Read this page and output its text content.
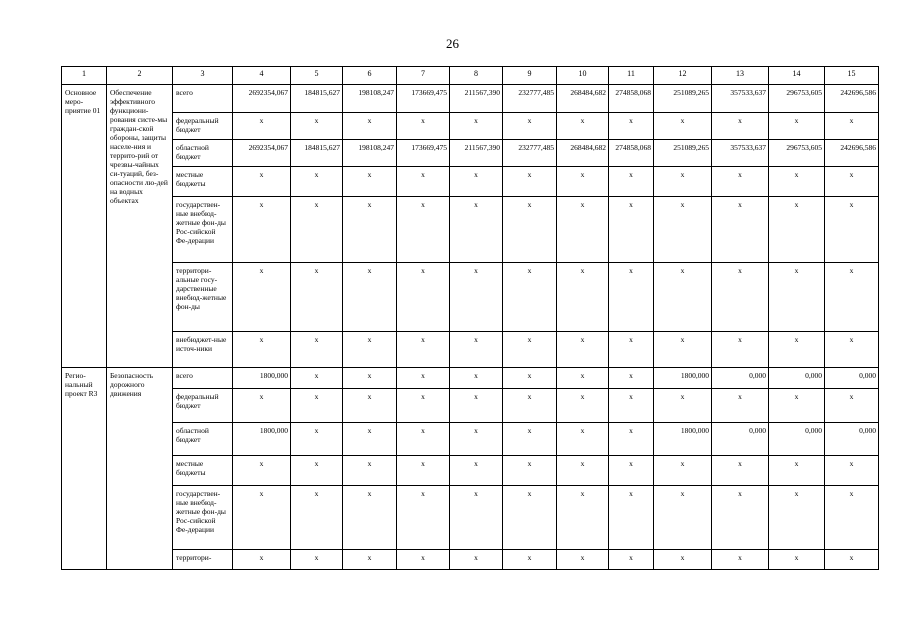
26
1	2	3	4	5	6	7	8	9	10	11	12	13	14	15
Основное меро-приятие 01	Обеспечение эффективного функциони-рования систе-мы граждан-ской обороны, защиты населе-ния и террито-рий от чрезвы-чайных си-туаций, без-опасности лю-дей на водных объектах	всего	2692354,067	184815,627	198108,247	173669,475	211567,390	232777,485	268484,682	274858,068	251089,265	357533,637	296753,605	242696,586
		федеральный бюджет	x	x	x	x	x	x	x	x	x	x	x	x
		областной бюджет	2692354,067	184815,627	198108,247	173669,475	211567,390	232777,485	268484,682	274858,068	251089,265	357533,637	296753,605	242696,586
		местные бюджеты	x	x	x	x	x	x	x	x	x	x	x	x
		государствен-ные внебюд-жетные фон-ды Рос-сийской Фе-дерации	x	x	x	x	x	x	x	x	x	x	x	x
		территори-альные госу-дарственные внебюд-жетные фон-ды	x	x	x	x	x	x	x	x	x	x	x	x
		внебюджет-ные источ-ники	x	x	x	x	x	x	x	x	x	x	x	x
Регио-нальный проект R3	Безопасность дорожного движения	всего	1800,000	x	x	x	x	x	x	x	1800,000	0,000	0,000	0,000
		федеральный бюджет	x	x	x	x	x	x	x	x	x	x	x	x
		областной бюджет	1800,000	x	x	x	x	x	x	x	1800,000	0,000	0,000	0,000
		местные бюджеты	x	x	x	x	x	x	x	x	x	x	x	x
		государствен-ные внебюд-жетные фон-ды Рос-сийской Фе-дерации	x	x	x	x	x	x	x	x	x	x	x	x
		территори-	x	x	x	x	x	x	x	x	x	x	x	x
